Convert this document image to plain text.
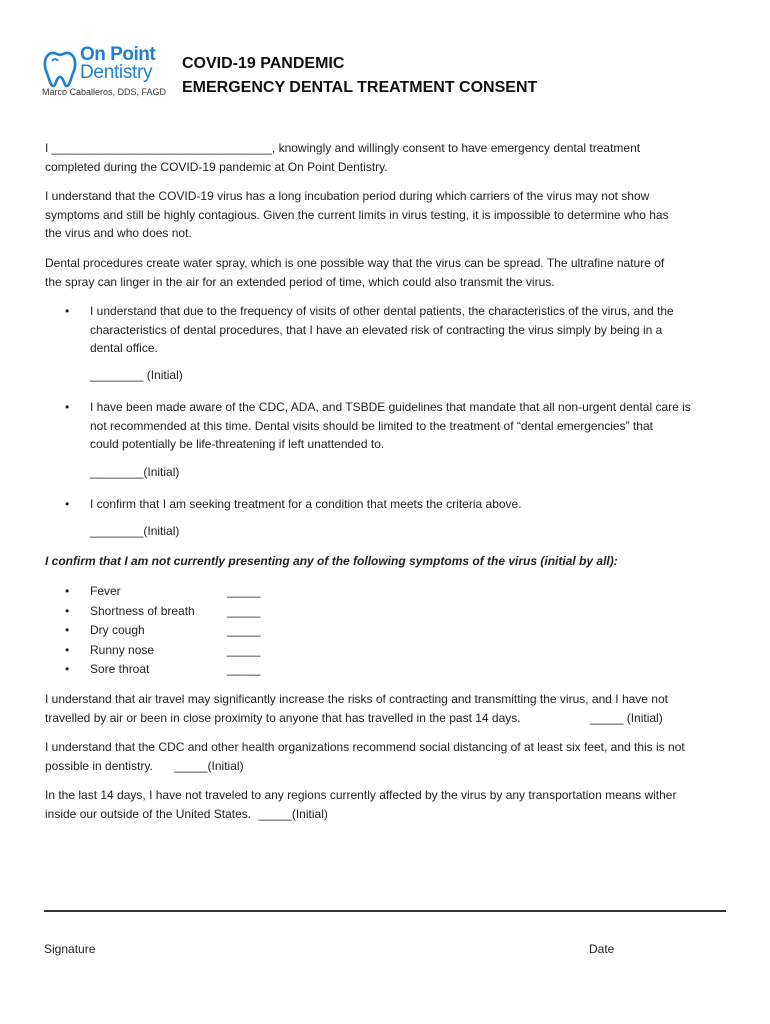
On Point
Dentistry
Marco Caballeros, DDS, FAGD
COVID-19 PANDEMIC
EMERGENCY DENTAL TREATMENT CONSENT

I _________________________________, knowingly and willingly consent to have emergency dental treatment

completed during the COVID-19 pandemic at On Point Dentistry.

I understand that the COVID-19 virus has a long incubation period during which carriers of the virus may not show

symptoms and still be highly contagious. Given the current limits in virus testing, it is impossible to determine who has

the virus and who does not.

Dental procedures create water spray, which is one possible way that the virus can be spread. The ultrafine nature of

the spray can linger in the air for an extended period of time, which could also transmit the virus.

• I understand that due to the frequency of visits of other dental patients, the characteristics of the virus, and the
characteristics of dental procedures, that I have an elevated risk of contracting the virus simply by being in a
dental office.
________ (Initial)
• I have been made aware of the CDC, ADA, and TSBDE guidelines that mandate that all non-urgent dental care is
not recommended at this time. Dental visits should be limited to the treatment of “dental emergencies” that
could potentially be life-threatening if left unattended to.
________(Initial)
• I confirm that I am seeking treatment for a condition that meets the criteria above.
________(Initial)
I confirm that I am not currently presenting any of the following symptoms of the virus (initial by all):
• Fever	_____
• Shortness of breath	_____
• Dry cough	_____
• Runny nose	_____
• Sore throat	_____

I understand that air travel may significantly increase the risks of contracting and transmitting the virus, and I have not

travelled by air or been in close proximity to anyone that has travelled in the past 14 days.	_____ (Initial)

I understand that the CDC and other health organizations recommend social distancing of at least six feet, and this is not

possible in dentistry. _____(Initial)

In the last 14 days, I have not traveled to any regions currently affected by the virus by any transportation means wither

inside our outside of the United States. _____(Initial)

Signature	Date
